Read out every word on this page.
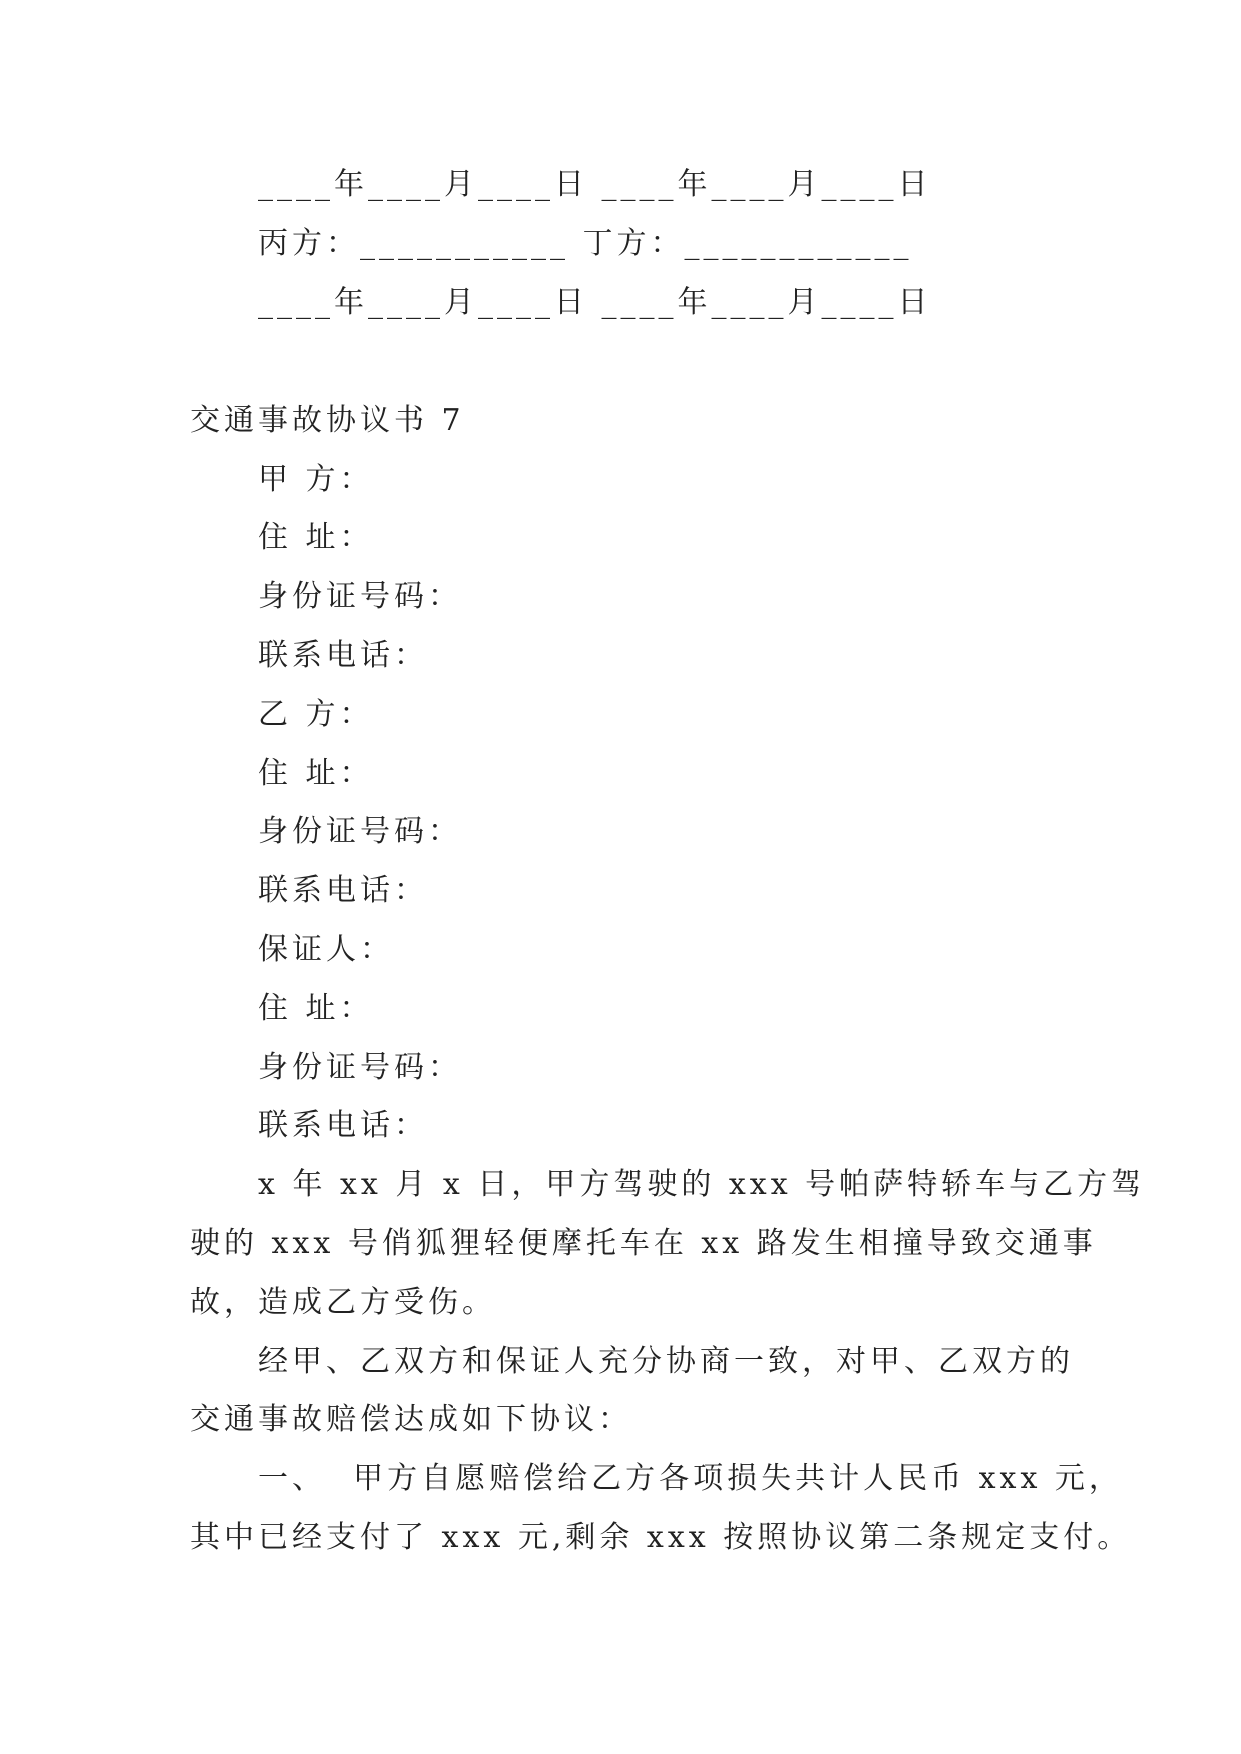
____年____月____日 ____年____月____日
丙方：___________ 丁方：____________
____年____月____日 ____年____月____日
交通事故协议书 7
甲 方：
住 址：
身份证号码：
联系电话：
乙 方：
住 址：
身份证号码：
联系电话：
保证人：
住 址：
身份证号码：
联系电话：
x 年 xx 月 x 日，甲方驾驶的 xxx 号帕萨特轿车与乙方驾
驶的 xxx 号俏狐狸轻便摩托车在 xx 路发生相撞导致交通事
故，造成乙方受伤。
经甲、乙双方和保证人充分协商一致，对甲、乙双方的
交通事故赔偿达成如下协议：
一、  甲方自愿赔偿给乙方各项损失共计人民币 xxx 元，
其中已经支付了 xxx 元,剩余 xxx 按照协议第二条规定支付。
